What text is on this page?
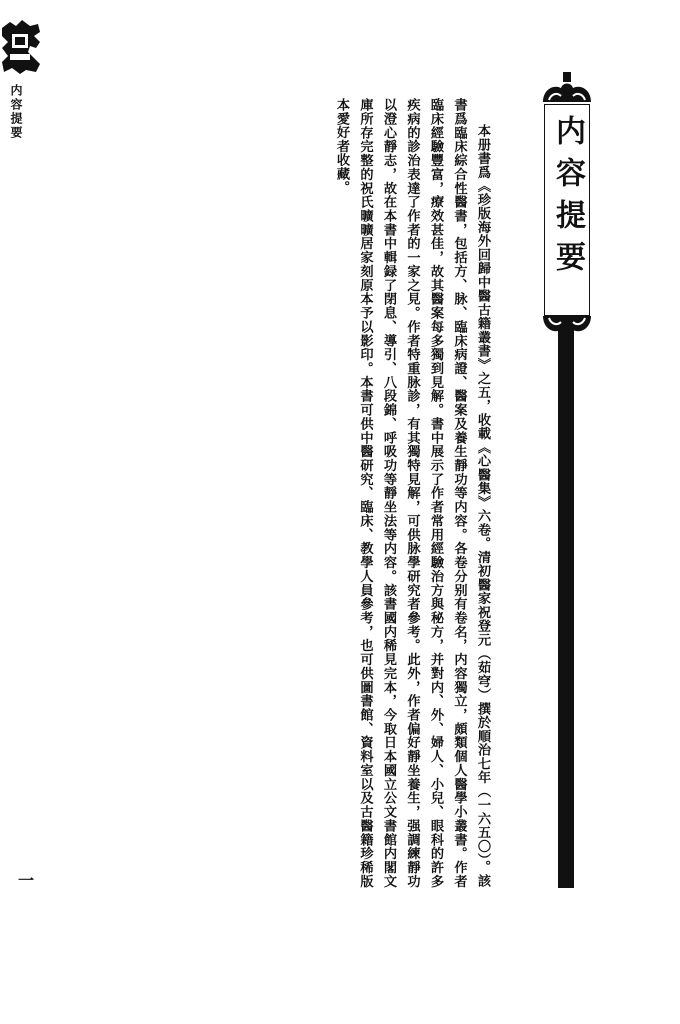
内容提要

本册書爲《珍版海外回歸中醫古籍叢書》之五，收載《心醫集》六卷。清初醫家祝登元（茹穹）撰於順治七年（一六五〇）。該書爲臨床綜合性醫書，包括方、脉、臨床病證、醫案及養生靜功等内容。各卷分别有卷名，内容獨立，頗類個人醫學小叢書。作者臨床經驗豐富，療效甚佳，故其醫案每多獨到見解。書中展示了作者常用經驗治方與秘方，并對内、外、婦人、小兒、眼科的許多疾病的診治表達了作者的一家之見。作者特重脉診，有其獨特見解，可供脉學研究者參考。此外，作者偏好靜坐養生，强調練靜功以澄心靜志，故在本書中輯録了閉息、導引、八段錦、呼吸功等靜坐法等内容。該書國内稀見完本，今取日本國立公文書館内閣文庫所存完整的祝氏曠曠居家刻原本予以影印。本書可供中醫研究、臨床、教學人員參考，也可供圖書館、資料室以及古醫籍珍稀版本愛好者收藏。	内容提要
一
